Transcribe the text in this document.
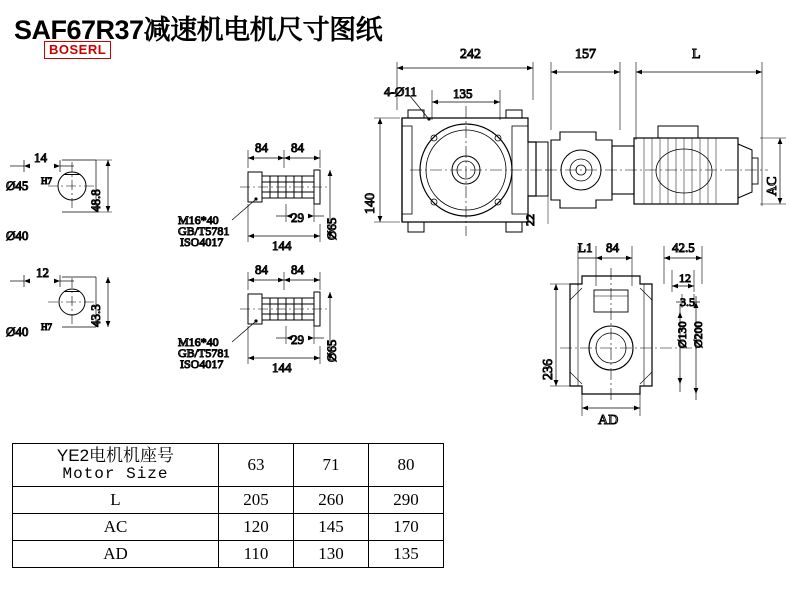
SAF67R37减速机电机尺寸图纸
BOSERL
14
Ø45 H7
48.8
Ø40
12
Ø40 H7	43.3
84 84
29
144
Ø65
M16*40
GB/T5781
ISO4017
84 84
29
144
Ø65
M16*40
GB/T5781
ISO4017
242
135
4-Ø11
140
22
157	L
AC
L1 84	42.5
12
3.5
236
Ø130 Ø200
AD
YE2电机机座号
Motor Size	63	71	80
L	205	260	290
AC	120	145	170
AD	110	130	135
